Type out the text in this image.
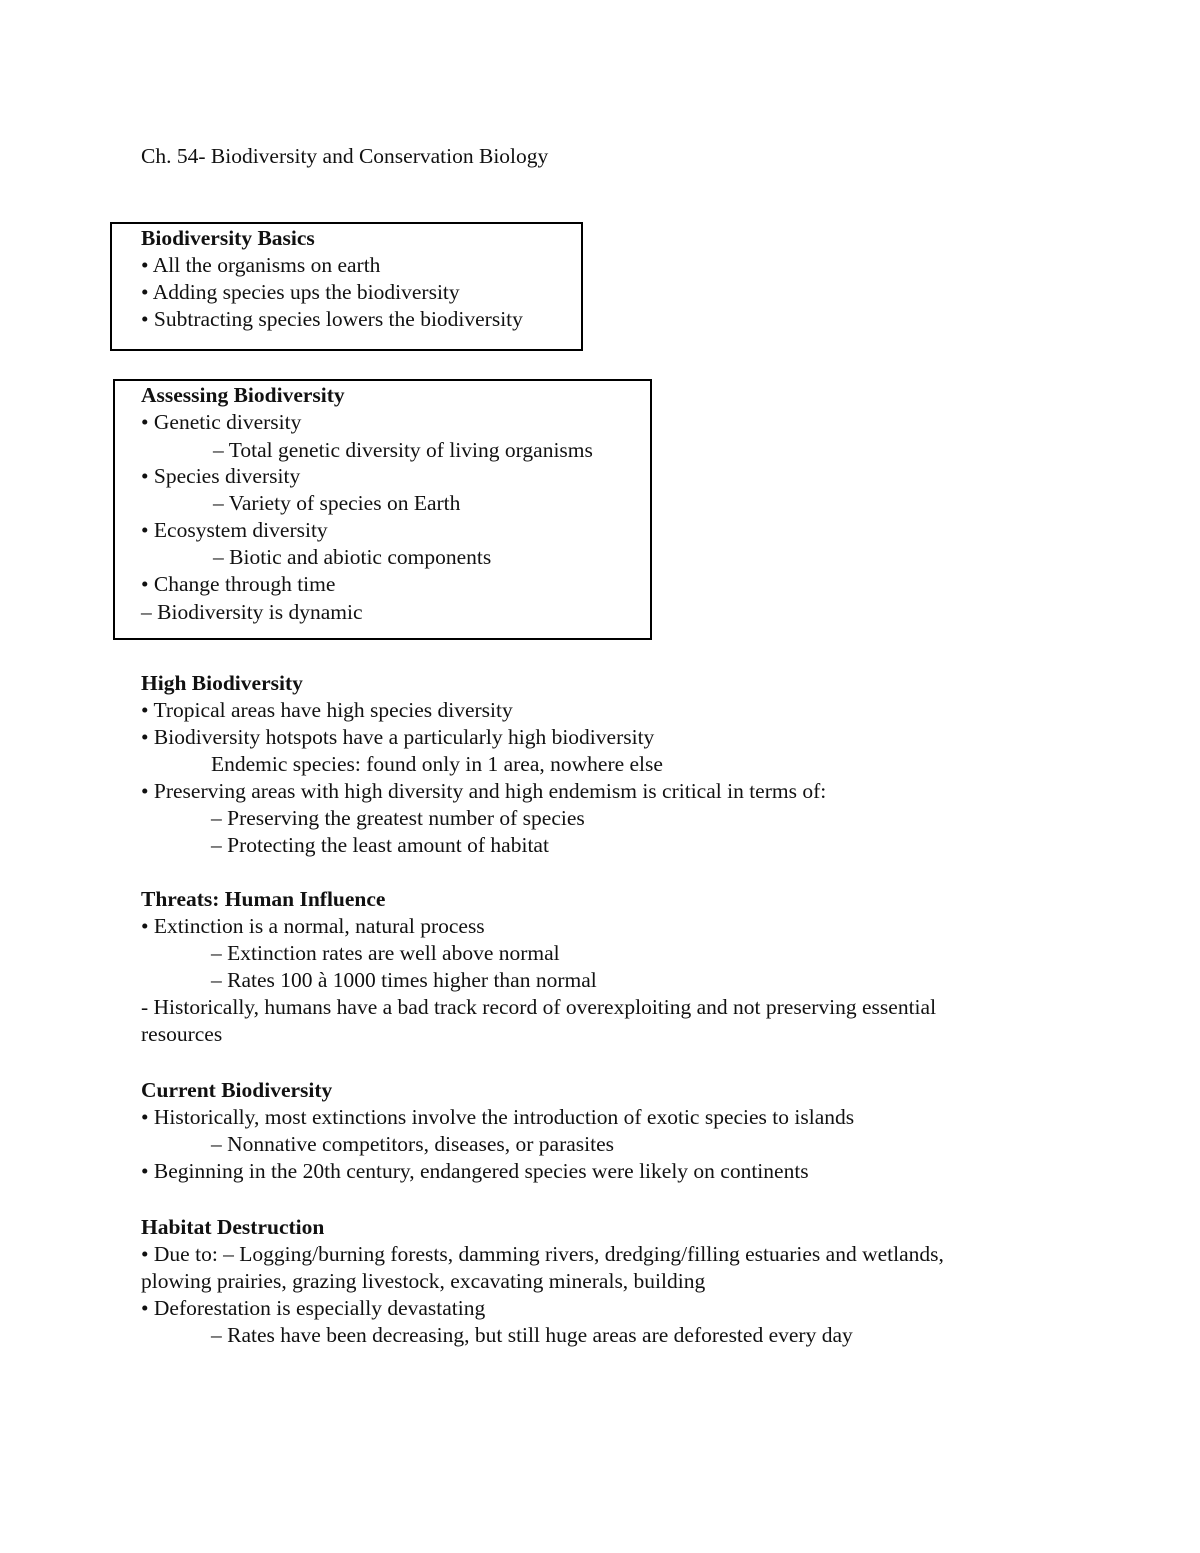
Ch. 54- Biodiversity and Conservation Biology
Biodiversity Basics
• All the organisms on earth
• Adding species ups the biodiversity
• Subtracting species lowers the biodiversity
Assessing Biodiversity
• Genetic diversity
– Total genetic diversity of living organisms
• Species diversity
– Variety of species on Earth
• Ecosystem diversity
– Biotic and abiotic components
• Change through time
– Biodiversity is dynamic
High Biodiversity
• Tropical areas have high species diversity
• Biodiversity hotspots have a particularly high biodiversity
Endemic species: found only in 1 area, nowhere else
• Preserving areas with high diversity and high endemism is critical in terms of:
– Preserving the greatest number of species
– Protecting the least amount of habitat
Threats: Human Influence
• Extinction is a normal, natural process
– Extinction rates are well above normal
– Rates 100 à 1000 times higher than normal
- Historically, humans have a bad track record of overexploiting and not preserving essential
resources
Current Biodiversity
• Historically, most extinctions involve the introduction of exotic species to islands
– Nonnative competitors, diseases, or parasites
• Beginning in the 20th century, endangered species were likely on continents
Habitat Destruction
• Due to: – Logging/burning forests, damming rivers, dredging/filling estuaries and wetlands,
plowing prairies, grazing livestock, excavating minerals, building
• Deforestation is especially devastating
– Rates have been decreasing, but still huge areas are deforested every day
